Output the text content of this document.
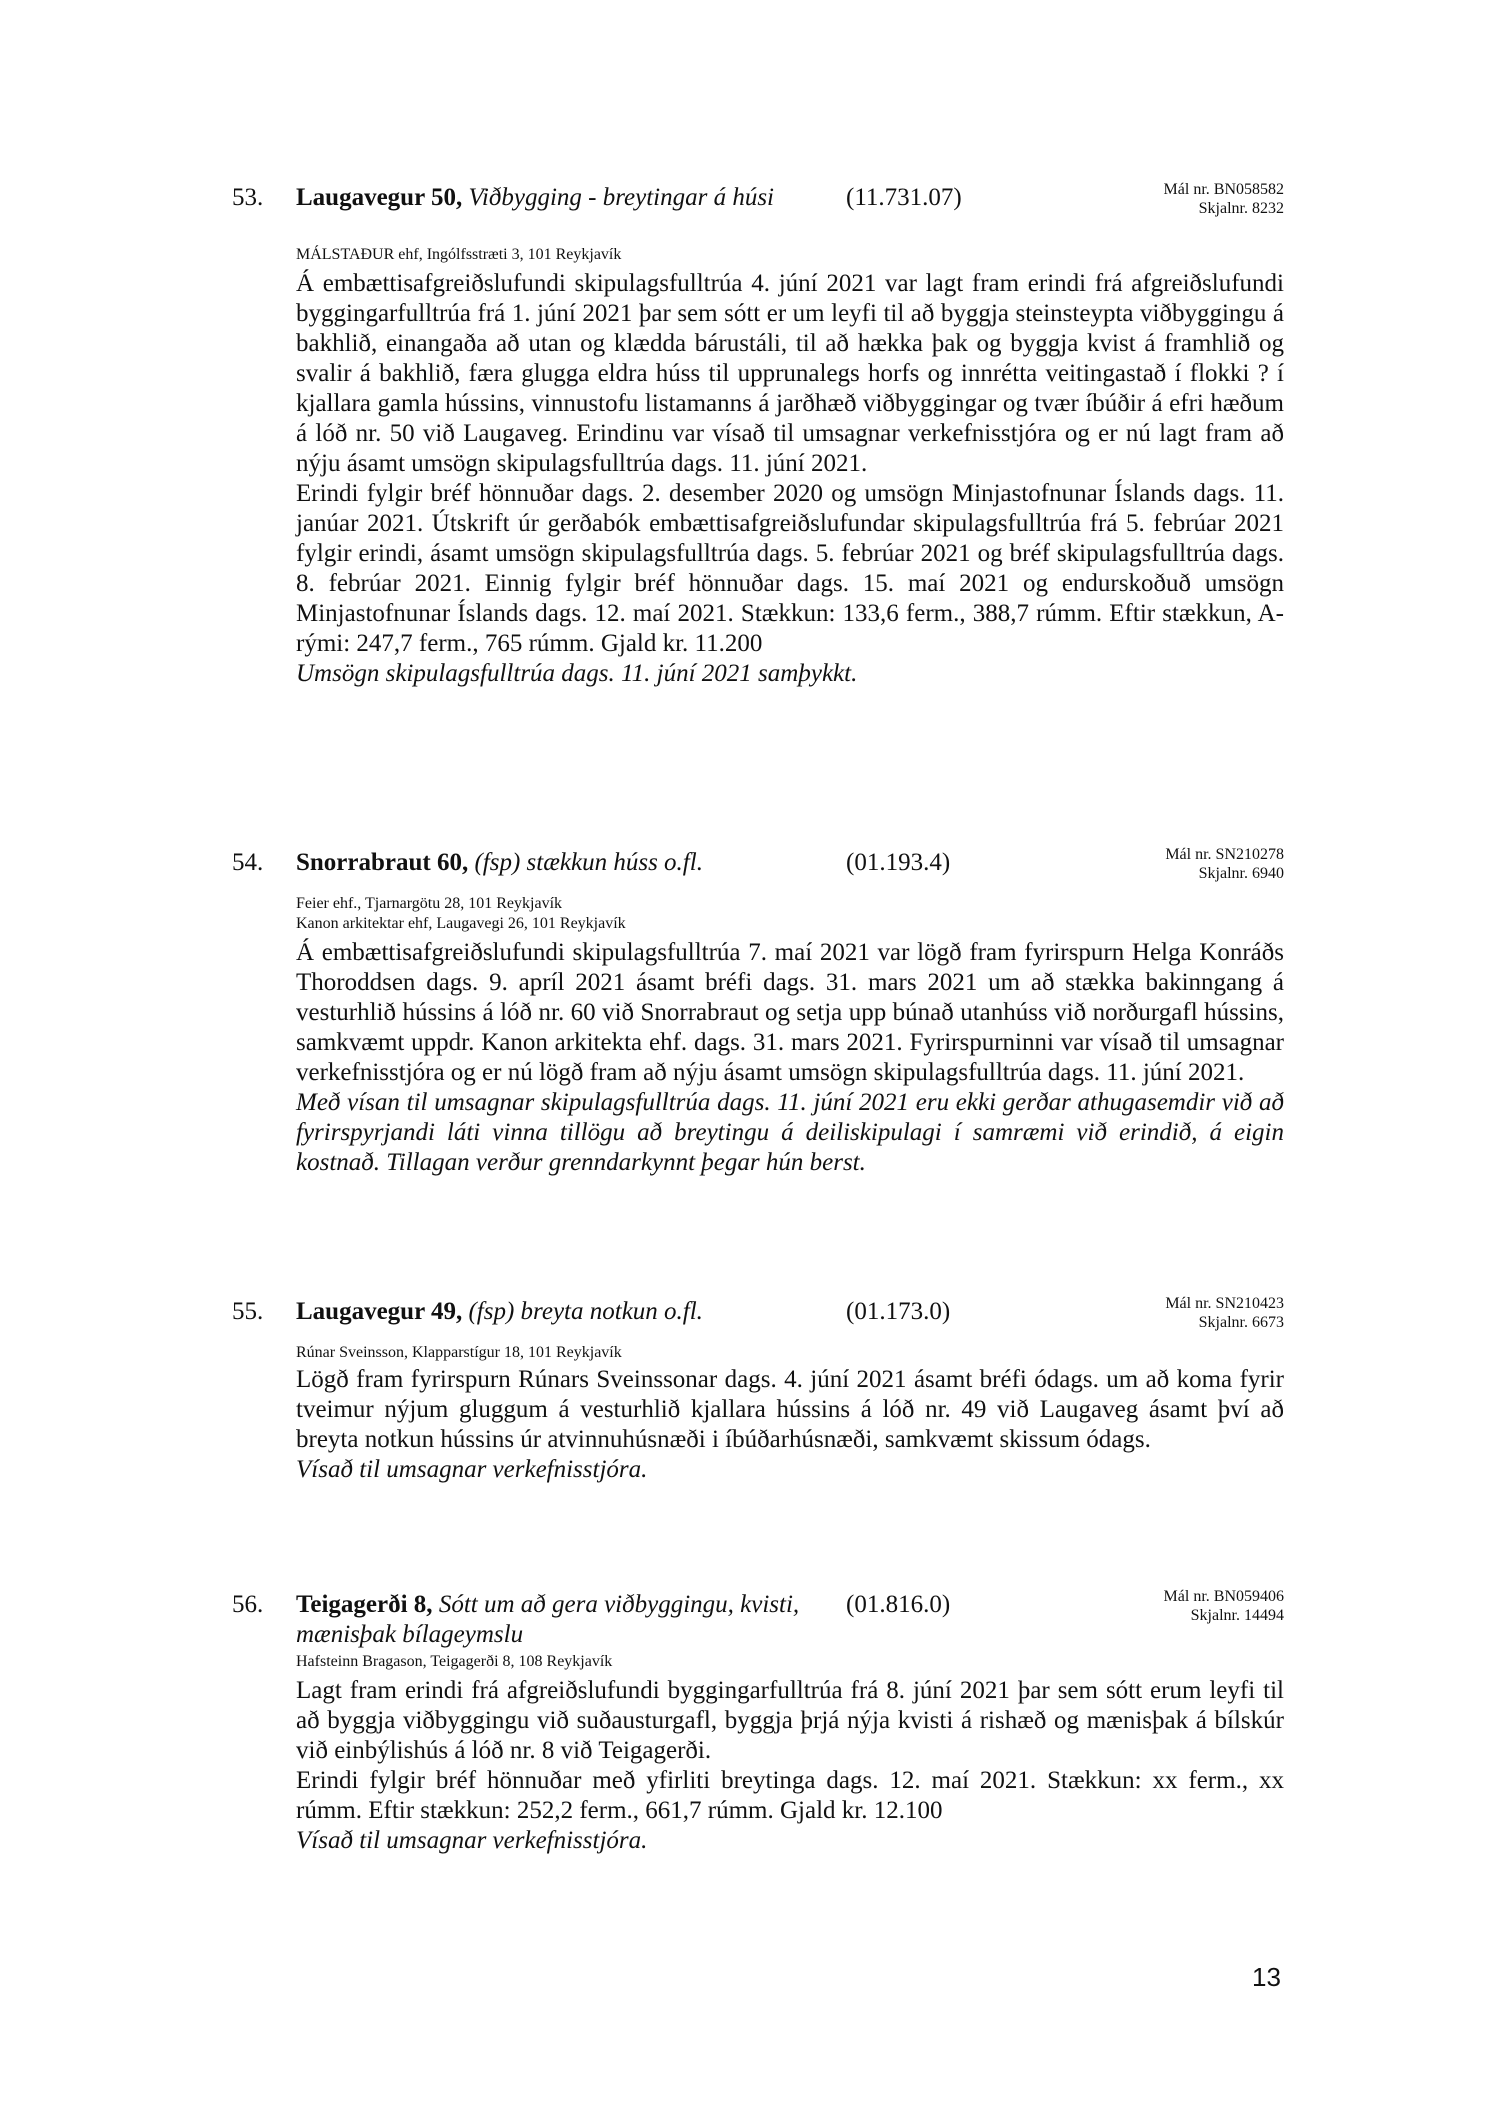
53. Laugavegur 50, Viðbygging - breytingar á húsi	(11.731.07)	Mál nr. BN058582
Skjalnr. 8232
MÁLSTAÐUR ehf, Ingólfsstræti 3, 101 Reykjavík

Á embættisafgreiðslufundi skipulagsfulltrúa 4. júní 2021 var lagt fram erindi frá afgreiðslufundi byggingarfulltrúa frá 1. júní 2021 þar sem sótt er um leyfi til að byggja steinsteypta viðbyggingu á bakhlið, einangaða að utan og klædda bárustáli, til að hækka þak og byggja kvist á framhlið og svalir á bakhlið, færa glugga eldra húss til upprunalegs horfs og innrétta veitingastað í flokki ? í kjallara gamla hússins, vinnustofu listamanns á jarðhæð viðbyggingar og tvær íbúðir á efri hæðum á lóð nr. 50 við Laugaveg. Erindinu var vísað til umsagnar verkefnisstjóra og er nú lagt fram að nýju ásamt umsögn skipulagsfulltrúa dags. 11. júní 2021.

Erindi fylgir bréf hönnuðar dags. 2. desember 2020 og umsögn Minjastofnunar Íslands dags. 11. janúar 2021. Útskrift úr gerðabók embættisafgreiðslufundar skipulagsfulltrúa frá 5. febrúar 2021 fylgir erindi, ásamt umsögn skipulagsfulltrúa dags. 5. febrúar 2021 og bréf skipulagsfulltrúa dags. 8. febrúar 2021. Einnig fylgir bréf hönnuðar dags. 15. maí 2021 og endurskoðuð umsögn Minjastofnunar Íslands dags. 12. maí 2021. Stækkun: 133,6 ferm., 388,7 rúmm. Eftir stækkun, A-rými: 247,7 ferm., 765 rúmm. Gjald kr. 11.200

Umsögn skipulagsfulltrúa dags. 11. júní 2021 samþykkt.

54. Snorrabraut 60, (fsp) stækkun húss o.fl.	(01.193.4)	Mál nr. SN210278
Skjalnr. 6940
Feier ehf., Tjarnargötu 28, 101 Reykjavík
Kanon arkitektar ehf, Laugavegi 26, 101 Reykjavík

Á embættisafgreiðslufundi skipulagsfulltrúa 7. maí 2021 var lögð fram fyrirspurn Helga Konráðs Thoroddsen dags. 9. apríl 2021 ásamt bréfi dags. 31. mars 2021 um að stækka bakinngang á vesturhlið hússins á lóð nr. 60 við Snorrabraut og setja upp búnað utanhúss við norðurgafl hússins, samkvæmt uppdr. Kanon arkitekta ehf. dags. 31. mars 2021. Fyrirspurninni var vísað til umsagnar verkefnisstjóra og er nú lögð fram að nýju ásamt umsögn skipulagsfulltrúa dags. 11. júní 2021.

Með vísan til umsagnar skipulagsfulltrúa dags. 11. júní 2021 eru ekki gerðar athugasemdir við að fyrirspyrjandi láti vinna tillögu að breytingu á deiliskipulagi í samræmi við erindið, á eigin kostnað. Tillagan verður grenndarkynnt þegar hún berst.

55. Laugavegur 49, (fsp) breyta notkun o.fl.	(01.173.0)	Mál nr. SN210423
Skjalnr. 6673
Rúnar Sveinsson, Klapparstígur 18, 101 Reykjavík

Lögð fram fyrirspurn Rúnars Sveinssonar dags. 4. júní 2021 ásamt bréfi ódags. um að koma fyrir tveimur nýjum gluggum á vesturhlið kjallara hússins á lóð nr. 49 við Laugaveg ásamt því að breyta notkun hússins úr atvinnuhúsnæði i íbúðarhúsnæði, samkvæmt skissum ódags.

Vísað til umsagnar verkefnisstjóra.

56. Teigagerði 8, Sótt um að gera viðbyggingu, kvisti, mænisþak bílageymslu
(01.816.0)	Mál nr. BN059406
Skjalnr. 14494
Hafsteinn Bragason, Teigagerði 8, 108 Reykjavík

Lagt fram erindi frá afgreiðslufundi byggingarfulltrúa frá 8. júní 2021 þar sem sótt erum leyfi til að byggja viðbyggingu við suðausturgafl, byggja þrjá nýja kvisti á rishæð og mænisþak á bílskúr við einbýlishús á lóð nr. 8 við Teigagerði.

Erindi fylgir bréf hönnuðar með yfirliti breytinga dags. 12. maí 2021. Stækkun: xx ferm., xx rúmm. Eftir stækkun: 252,2 ferm., 661,7 rúmm. Gjald kr. 12.100

Vísað til umsagnar verkefnisstjóra.

13
